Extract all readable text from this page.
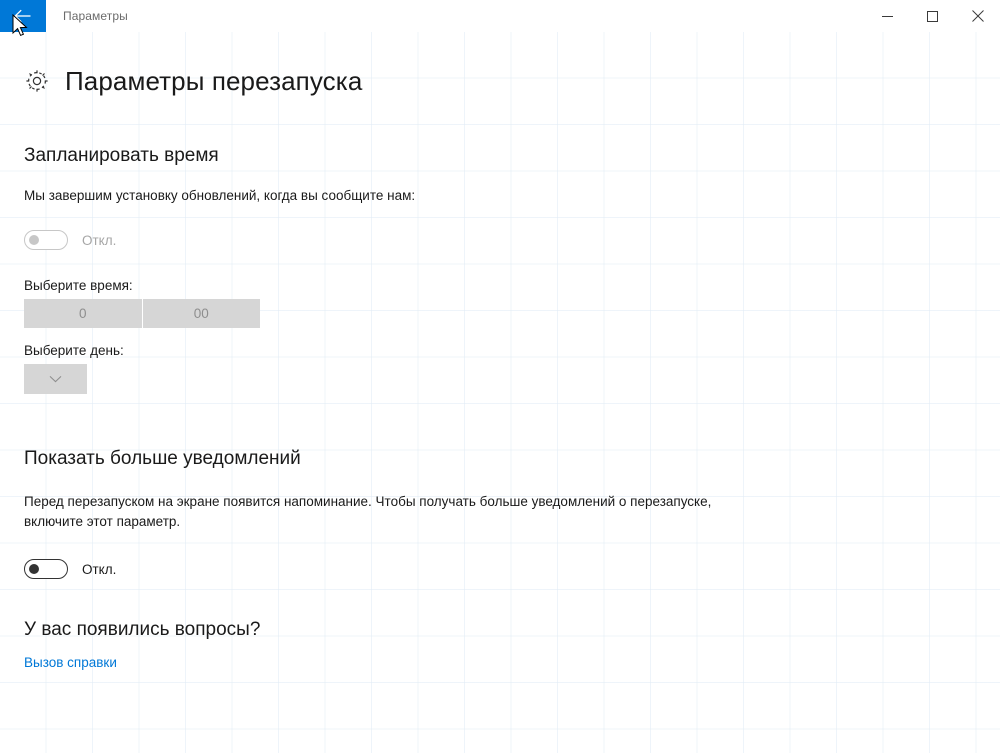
Параметры
Параметры перезапуска
Запланировать время

Мы завершим установку обновлений, когда вы сообщите нам:

Откл.

Выберите время:

0	00

Выберите день:

Показать больше уведомлений

Перед перезапуском на экране появится напоминание. Чтобы получать больше уведомлений о перезапуске, включите этот параметр.

Откл.
У вас появились вопросы?
Вызов справки
